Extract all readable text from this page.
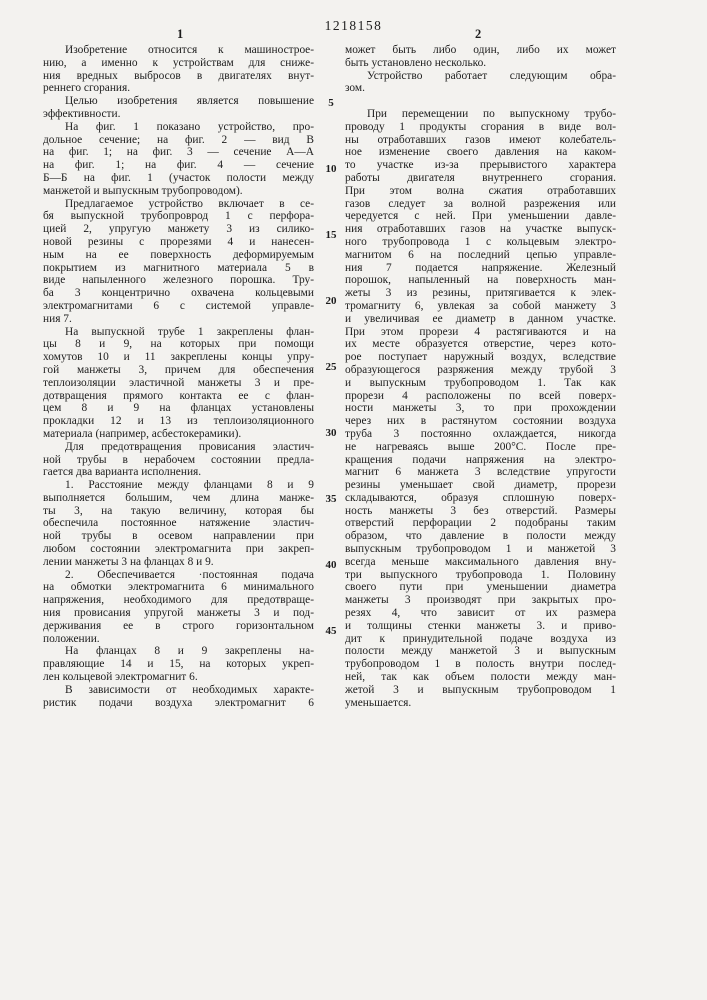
1218158
1	2
Изобретение относится к машиностроe-
нию, а именно к устройствам для сниже-
ния вредных выбросов в двигателях внут-
реннего сгорания.
Целью изобретения является повышение
эффективности.
На фиг. 1 показано устройство, про-
дольное сечение; на фиг. 2 — вид В
на фиг. 1; на фиг. 3 — сечение А—А
на фиг. 1; на фиг. 4 — сечение
Б—Б на фиг. 1 (участок полости между
манжетой и выпускным трубопроводом).
Предлагаемое устройство включает в се-
бя выпускной трубопроврод 1 с перфора-
цией 2, упругую манжету 3 из силико-
новой резины с прорезями 4 и нанесен-
ным на ее поверхность деформируемым
покрытием из магнитного материала 5 в
виде напыленного железного порошка. Тру-
ба 3 концентрично охвачена кольцевыми
электромагнитами 6 с системой управле-
ния 7.
На выпускной трубе 1 закреплены флан-
цы 8 и 9, на которых при помощи
хомутов 10 и 11 закреплены концы упру-
гой манжеты 3, причем для обеспечения
теплоизоляции эластичной манжеты 3 и пре-
дотвращения прямого контакта ее с флан-
цем 8 и 9 на фланцах установлены
прокладки 12 и 13 из теплоизоляционного
материала (например, асбестокерамики).
Для предотвращения провисания эластич-
ной трубы в нерабочем состоянии предла-
гается два варианта исполнения.
1. Расстояние между фланцами 8 и 9
выполняется большим, чем длина манже-
ты 3, на такую величину, которая бы
обеспечила постоянное натяжение эластич-
ной трубы в осевом направлении при
любом состоянии электромагнита при закреп-
лении манжеты 3 на фланцах 8 и 9.
2. Обеспечивается ·постоянная подача
на обмотки электромагнита 6 минимального
напряжения, необходимого для предотвраще-
ния провисания упругой манжеты 3 и под-
держивания ее в строго горизонтальном
положении.
На фланцах 8 и 9 закреплены на-
правляющие 14 и 15, на которых укреп-
лен кольцевой электромагнит 6.
В зависимости от необходимых характе-
ристик подачи воздуха электромагнит 6
может быть либо один, либо их может
быть установлено несколько.
Устройство работает следующим обра-
зом.
При перемещении по выпускному трубо-
проводу 1 продукты сгорания в виде вол-
ны отработавших газов имеют колебатель-
ное изменение своего давления на каком-
то участке из-за прерывистого характера
работы двигателя внутреннего сгорания.
При этом волна сжатия отработавших
газов следует за волной разрежения или
чередуется с ней. При уменьшении давле-
ния отработавших газов на участке выпуск-
ного трубопровода 1 с кольцевым электро-
магнитом 6 на последний цепью управле-
ния 7 подается напряжение. Железный
порошок, напыленный на поверхность ман-
жеты 3 из резины, притягивается к элек-
тромагниту 6, увлекая за собой манжету 3
и увеличивая ее диаметр в данном участке.
При этом прорези 4 растягиваются и на
их месте образуется отверстие, через кото-
рое поступает наружный воздух, вследствие
образующегося разряжения между трубой 3
и выпускным трубопроводом 1. Так как
прорези 4 расположены по всей поверх-
ности манжеты 3, то при прохождении
через них в растянутом состоянии воздуха
труба 3 постоянно охлаждается, никогда
не нагреваясь выше 200°С. После пре-
кращения подачи напряжения на электро-
магнит 6 манжета 3 вследствие упругости
резины уменьшает свой диаметр, прорези
складываются, образуя сплошную поверх-
ность манжеты 3 без отверстий. Размеры
отверстий перфорации 2 подобраны таким
образом, что давление в полости между
выпускным трубопроводом 1 и манжетой 3
всегда меньше максимального давления вну-
три выпускного трубопровода 1. Половину
своего пути при уменьшении диаметра
манжеты 3 производят при закрытых про-
резях 4, что зависит от их размера
и толщины стенки манжеты 3. и приво-
дит к принудительной подаче воздуха из
полости между манжетой 3 и выпускным
трубопроводом 1 в полость внутри послед-
ней, так как объем полости между ман-
жетой 3 и выпускным трубопроводом 1
уменьшается.
5
10
15
20
25
30
35
40
45
